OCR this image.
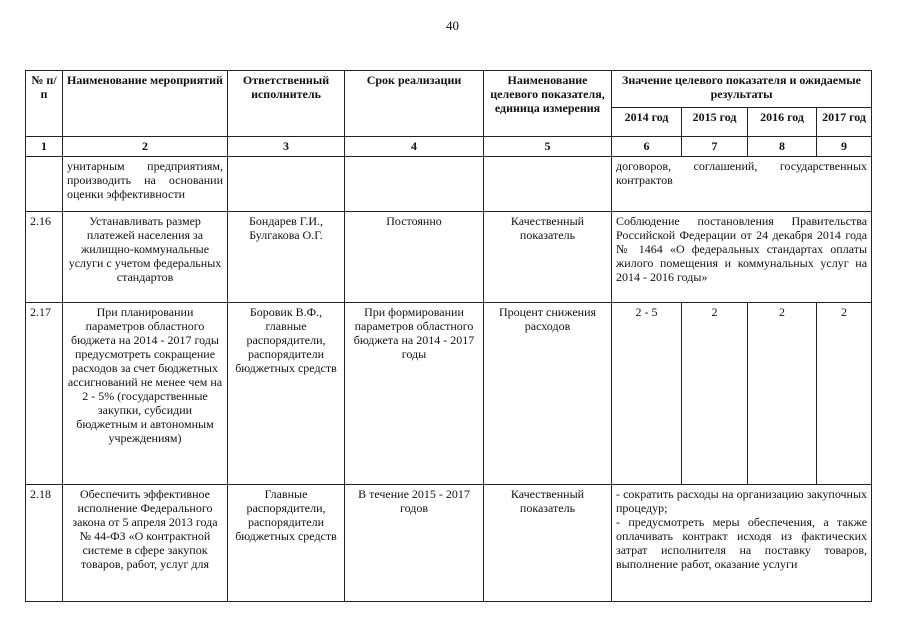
40
№ п/п	Наименование мероприятий	Ответственный исполнитель	Срок реализации	Наименование целевого показателя, единица измерения	Значение целевого показателя и ожидаемые результаты			
					2014 год	2015 год	2016 год	2017 год
1	2	3	4	5	6	7	8	9
	унитарным предприятиям, производить на основании оценки эффективности				договоров, соглашений, государственных контрактов			
2.16	Устанавливать размер платежей населения за жилищно-коммунальные услуги с учетом федеральных стандартов	Бондарев Г.И., Булгакова О.Г.	Постоянно	Качественный показатель	Соблюдение постановления Правительства Российской Федерации от 24 декабря 2014 года № 1464 «О федеральных стандартах оплаты жилого помещения и коммунальных услуг на 2014 - 2016 годы»			
2.17	При планировании параметров областного бюджета на 2014 - 2017 годы предусмотреть сокращение расходов за счет бюджетных ассигнований не менее чем на 2 - 5% (государственные закупки, субсидии бюджетным и автономным учреждениям)	Боровик В.Ф., главные распорядители, распорядители бюджетных средств	При формировании параметров областного бюджета на 2014 - 2017 годы	Процент снижения расходов	2 - 5	2	2	2
2.18	Обеспечить эффективное исполнение Федерального закона от 5 апреля 2013 года № 44-ФЗ «О контрактной системе в сфере закупок товаров, работ, услуг для	Главные распорядители, распорядители бюджетных средств	В течение 2015 - 2017 годов	Качественный показатель	- сократить расходы на организацию закупочных процедур;

- предусмотреть меры обеспечения, а также оплачивать контракт исходя из фактических затрат исполнителя на поставку товаров, выполнение работ, оказание услуги			
